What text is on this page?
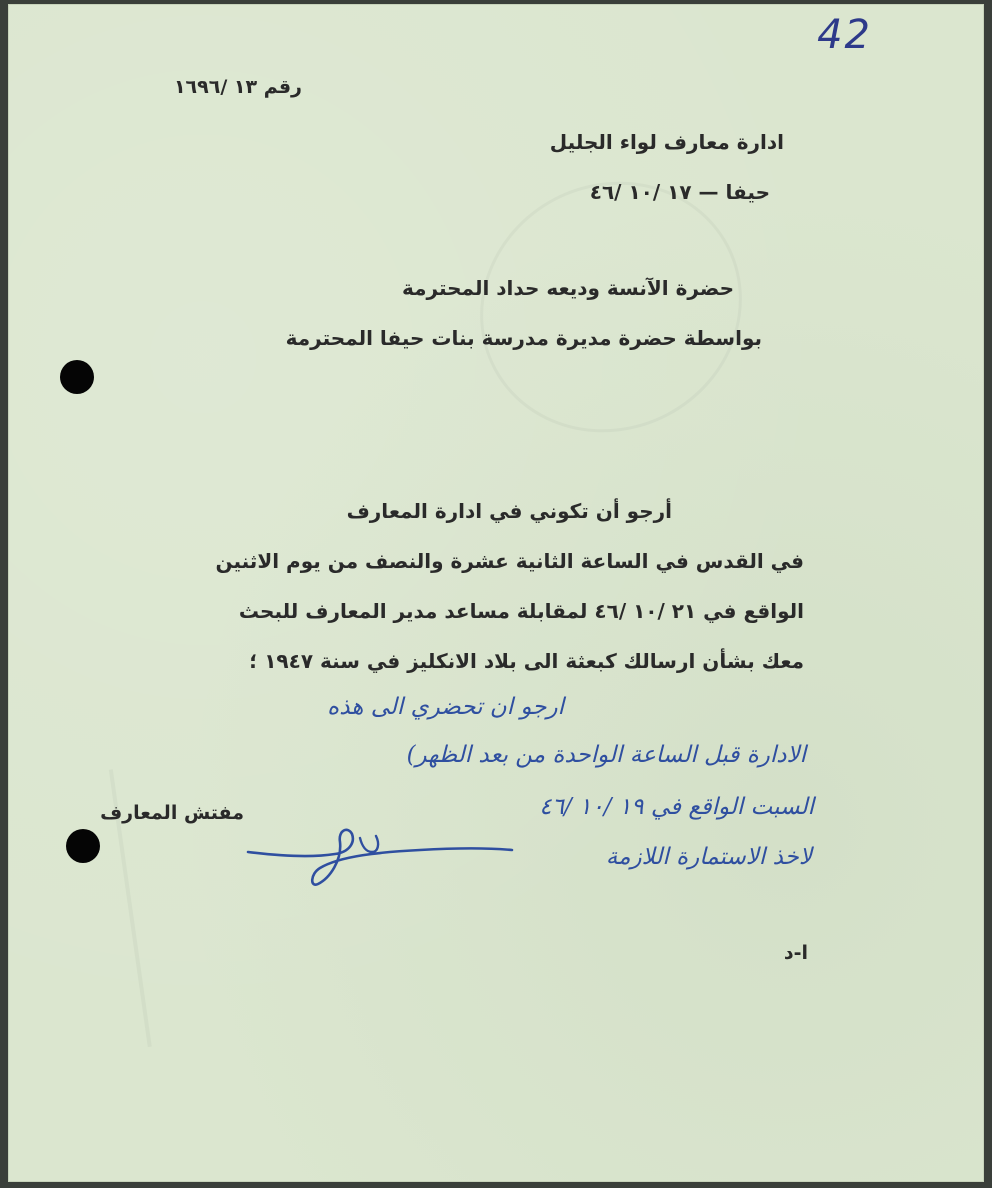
42
رقم ١٣ /١٦٩٦
ادارة معارف لواء الجليل
حيفا — ١٧ /١٠ /٤٦
حضرة الآنسة وديعه حداد المحترمة
بواسطة حضرة مديرة مدرسة بنات حيفا المحترمة
أرجو أن تكوني في ادارة المعارف
في القدس في الساعة الثانية عشرة والنصف من يوم الاثنين
الواقع في ٢١ /١٠ /٤٦ لمقابلة مساعد مدير المعارف للبحث
معك بشأن ارسالك كبعثة الى بلاد الانكليز في سنة ١٩٤٧ ؛
ارجو ان تحضري الى هذه
الادارة قبل الساعة الواحدة من بعد الظهر)
السبت الواقع في ١٩ /١٠ /٤٦
لاخذ الاستمارة اللازمة
مفتش المعارف
ا-د
